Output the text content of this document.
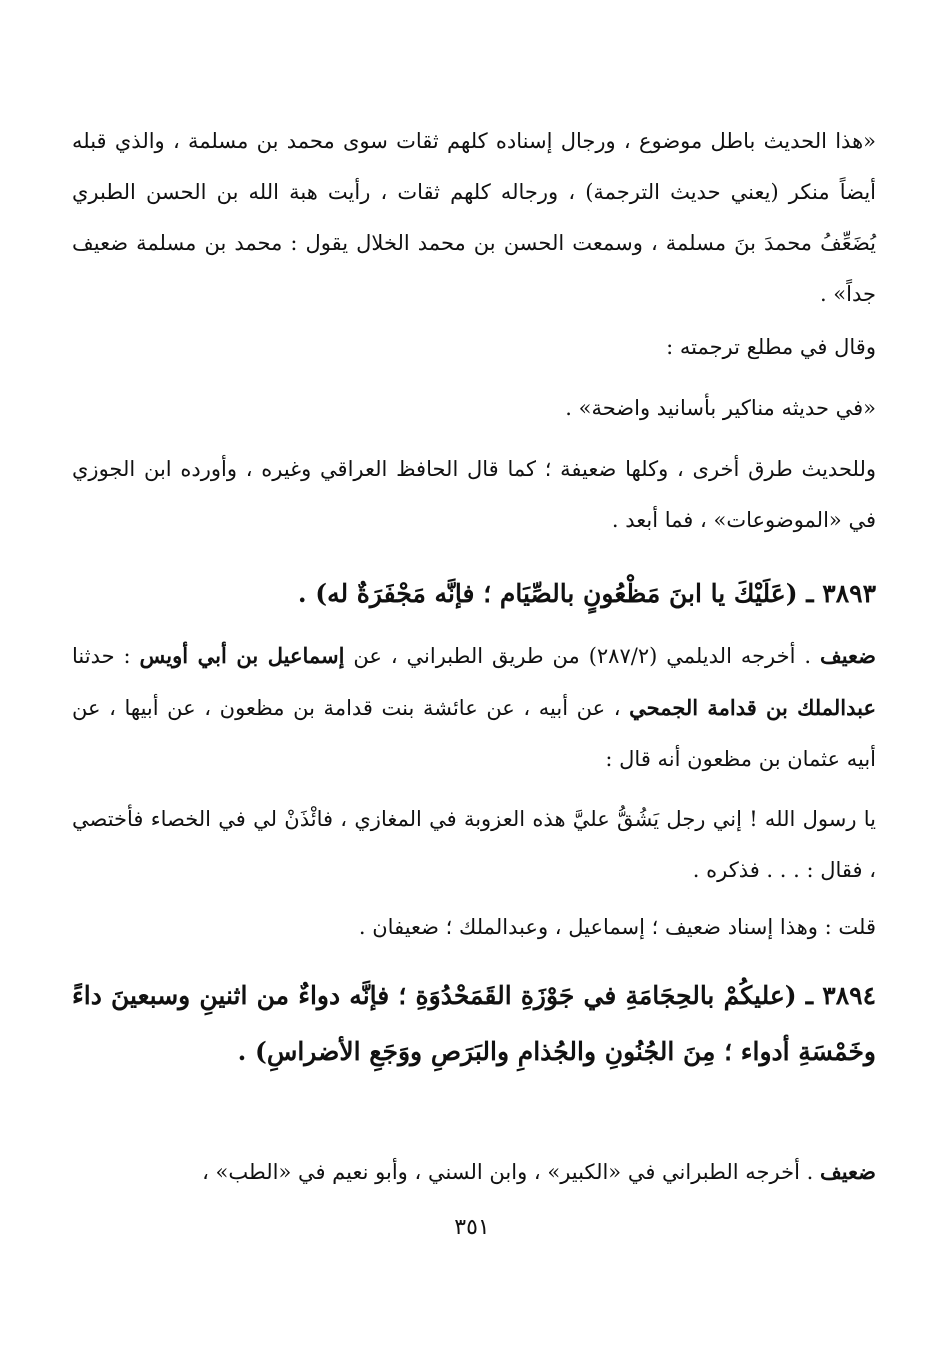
«هذا الحديث باطل موضوع ، ورجال إسناده كلهم ثقات سوى محمد بن مسلمة ، والذي قبله أيضاً منكر (يعني حديث الترجمة) ، ورجاله كلهم ثقات ، رأيت هبة الله بن الحسن الطبري يُضَعِّفُ محمدَ بنَ مسلمة ، وسمعت الحسن بن محمد الخلال يقول : محمد بن مسلمة ضعيف جداً» .
وقال في مطلع ترجمته :
«في حديثه مناكير بأسانيد واضحة» .
وللحديث طرق أخرى ، وكلها ضعيفة ؛ كما قال الحافظ العراقي وغيره ، وأورده ابن الجوزي في «الموضوعات» ، فما أبعد .
٣٨٩٣ ـ (عَلَيْكَ يا ابنَ مَظْعُونٍ بالصِّيَام ؛ فإنَّه مَجْفَرَةٌ له) .
ضعيف . أخرجه الديلمي (٢٨٧/٢) من طريق الطبراني ، عن إسماعيل بن أبي أويس : حدثنا عبدالملك بن قدامة الجمحي ، عن أبيه ، عن عائشة بنت قدامة بن مظعون ، عن أبيها ، عن أبيه عثمان بن مظعون أنه قال :
يا رسول الله ! إني رجل يَشُقُّ عليَّ هذه العزوبة في المغازي ، فائْذَنْ لي في الخصاء فأختصي ، فقال : . . . فذكره .
قلت : وهذا إسناد ضعيف ؛ إسماعيل ، وعبدالملك ؛ ضعيفان .
٣٨٩٤ ـ (عليكُمْ بالحِجَامَةِ في جَوْزَةِ القَمَحْدُوَةِ ؛ فإنَّه دواءٌ من اثنينِ وسبعينَ داءً وخَمْسَةِ أدواء ؛ مِنَ الجُنُونِ والجُذامِ والبَرَصِ ووَجَعِ الأضراسِ) .
ضعيف . أخرجه الطبراني في «الكبير» ، وابن السني ، وأبو نعيم في «الطب» ،
٣٥١
